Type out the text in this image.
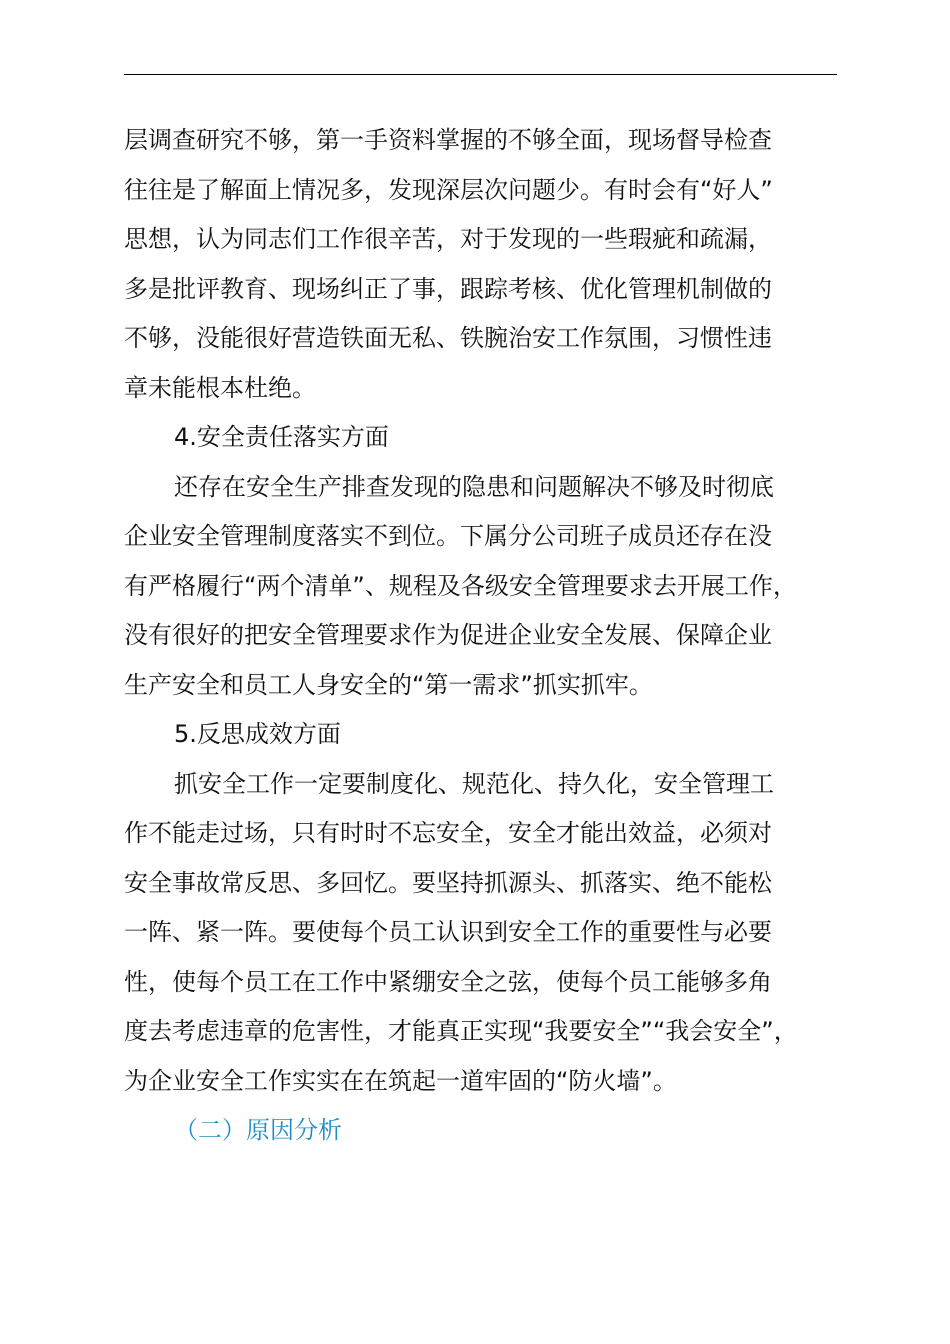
层调查研究不够，第一手资料掌握的不够全面，现场督导检查
往往是了解面上情况多，发现深层次问题少。有时会有“好人”
思想，认为同志们工作很辛苦，对于发现的一些瑕疵和疏漏，
多是批评教育、现场纠正了事，跟踪考核、优化管理机制做的
不够，没能很好营造铁面无私、铁腕治安工作氛围，习惯性违
章未能根本杜绝。
4.安全责任落实方面
还存在安全生产排查发现的隐患和问题解决不够及时彻底
企业安全管理制度落实不到位。下属分公司班子成员还存在没
有严格履行“两个清单”、规程及各级安全管理要求去开展工作，
没有很好的把安全管理要求作为促进企业安全发展、保障企业
生产安全和员工人身安全的“第一需求”抓实抓牢。
5.反思成效方面
抓安全工作一定要制度化、规范化、持久化，安全管理工
作不能走过场，只有时时不忘安全，安全才能出效益，必须对
安全事故常反思、多回忆。要坚持抓源头、抓落实、绝不能松
一阵、紧一阵。要使每个员工认识到安全工作的重要性与必要
性，使每个员工在工作中紧绷安全之弦，使每个员工能够多角
度去考虑违章的危害性，才能真正实现“我要安全”“我会安全”，
为企业安全工作实实在在筑起一道牢固的“防火墙”。
（二）原因分析
